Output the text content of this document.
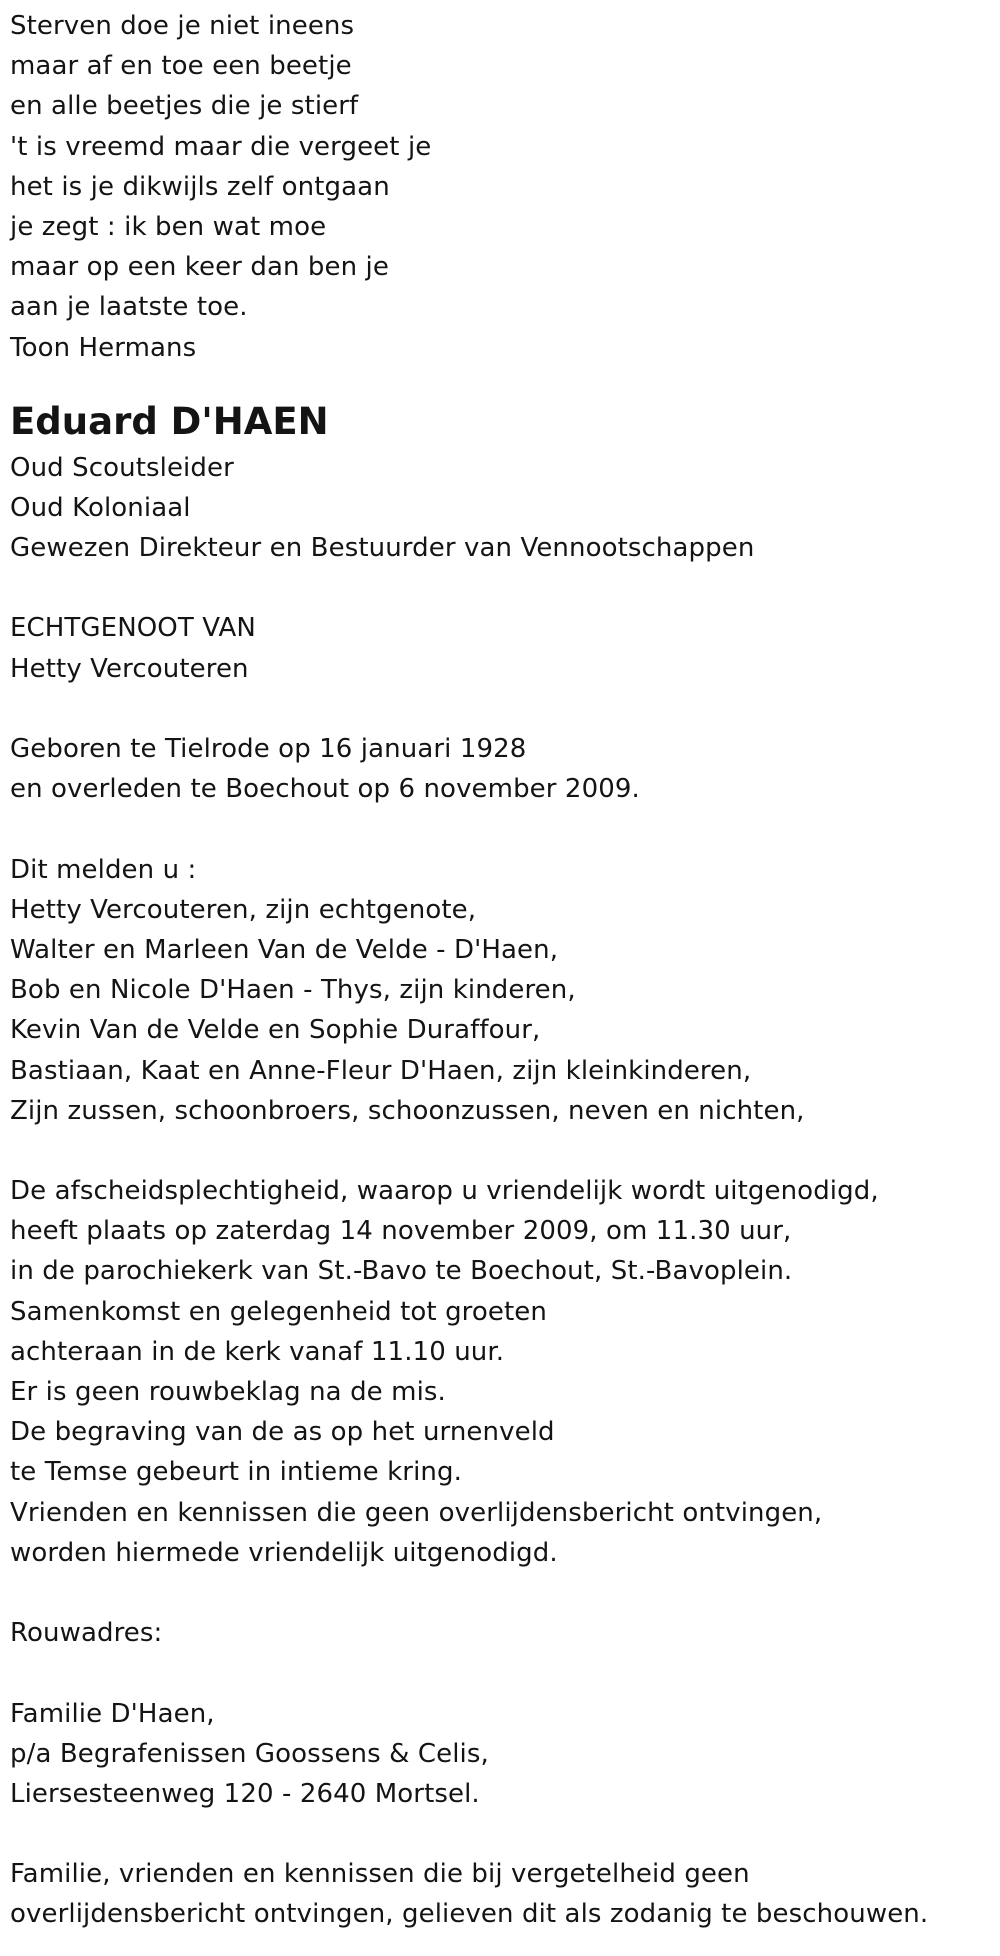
Sterven doe je niet ineens
maar af en toe een beetje
en alle beetjes die je stierf
't is vreemd maar die vergeet je
het is je dikwijls zelf ontgaan
je zegt : ik ben wat moe
maar op een keer dan ben je
aan je laatste toe.
Toon Hermans
Eduard D'HAEN
Oud Scoutsleider
Oud Koloniaal
Gewezen Direkteur en Bestuurder van Vennootschappen
ECHTGENOOT VAN
Hetty Vercouteren
Geboren te Tielrode op 16 januari 1928
en overleden te Boechout op 6 november 2009.
Dit melden u :
Hetty Vercouteren, zijn echtgenote,
Walter en Marleen Van de Velde - D'Haen,
Bob en Nicole D'Haen - Thys, zijn kinderen,
Kevin Van de Velde en Sophie Duraffour,
Bastiaan, Kaat en Anne-Fleur D'Haen, zijn kleinkinderen,
Zijn zussen, schoonbroers, schoonzussen, neven en nichten,
De afscheidsplechtigheid, waarop u vriendelijk wordt uitgenodigd,
heeft plaats op zaterdag 14 november 2009, om 11.30 uur,
in de parochiekerk van St.-Bavo te Boechout, St.-Bavoplein.
Samenkomst en gelegenheid tot groeten
achteraan in de kerk vanaf 11.10 uur.
Er is geen rouwbeklag na de mis.
De begraving van de as op het urnenveld
te Temse gebeurt in intieme kring.
Vrienden en kennissen die geen overlijdensbericht ontvingen,
worden hiermede vriendelijk uitgenodigd.
Rouwadres:
Familie D'Haen,
p/a Begrafenissen Goossens & Celis,
Liersesteenweg 120 - 2640 Mortsel.
Familie, vrienden en kennissen die bij vergetelheid geen
overlijdensbericht ontvingen, gelieven dit als zodanig te beschouwen.
